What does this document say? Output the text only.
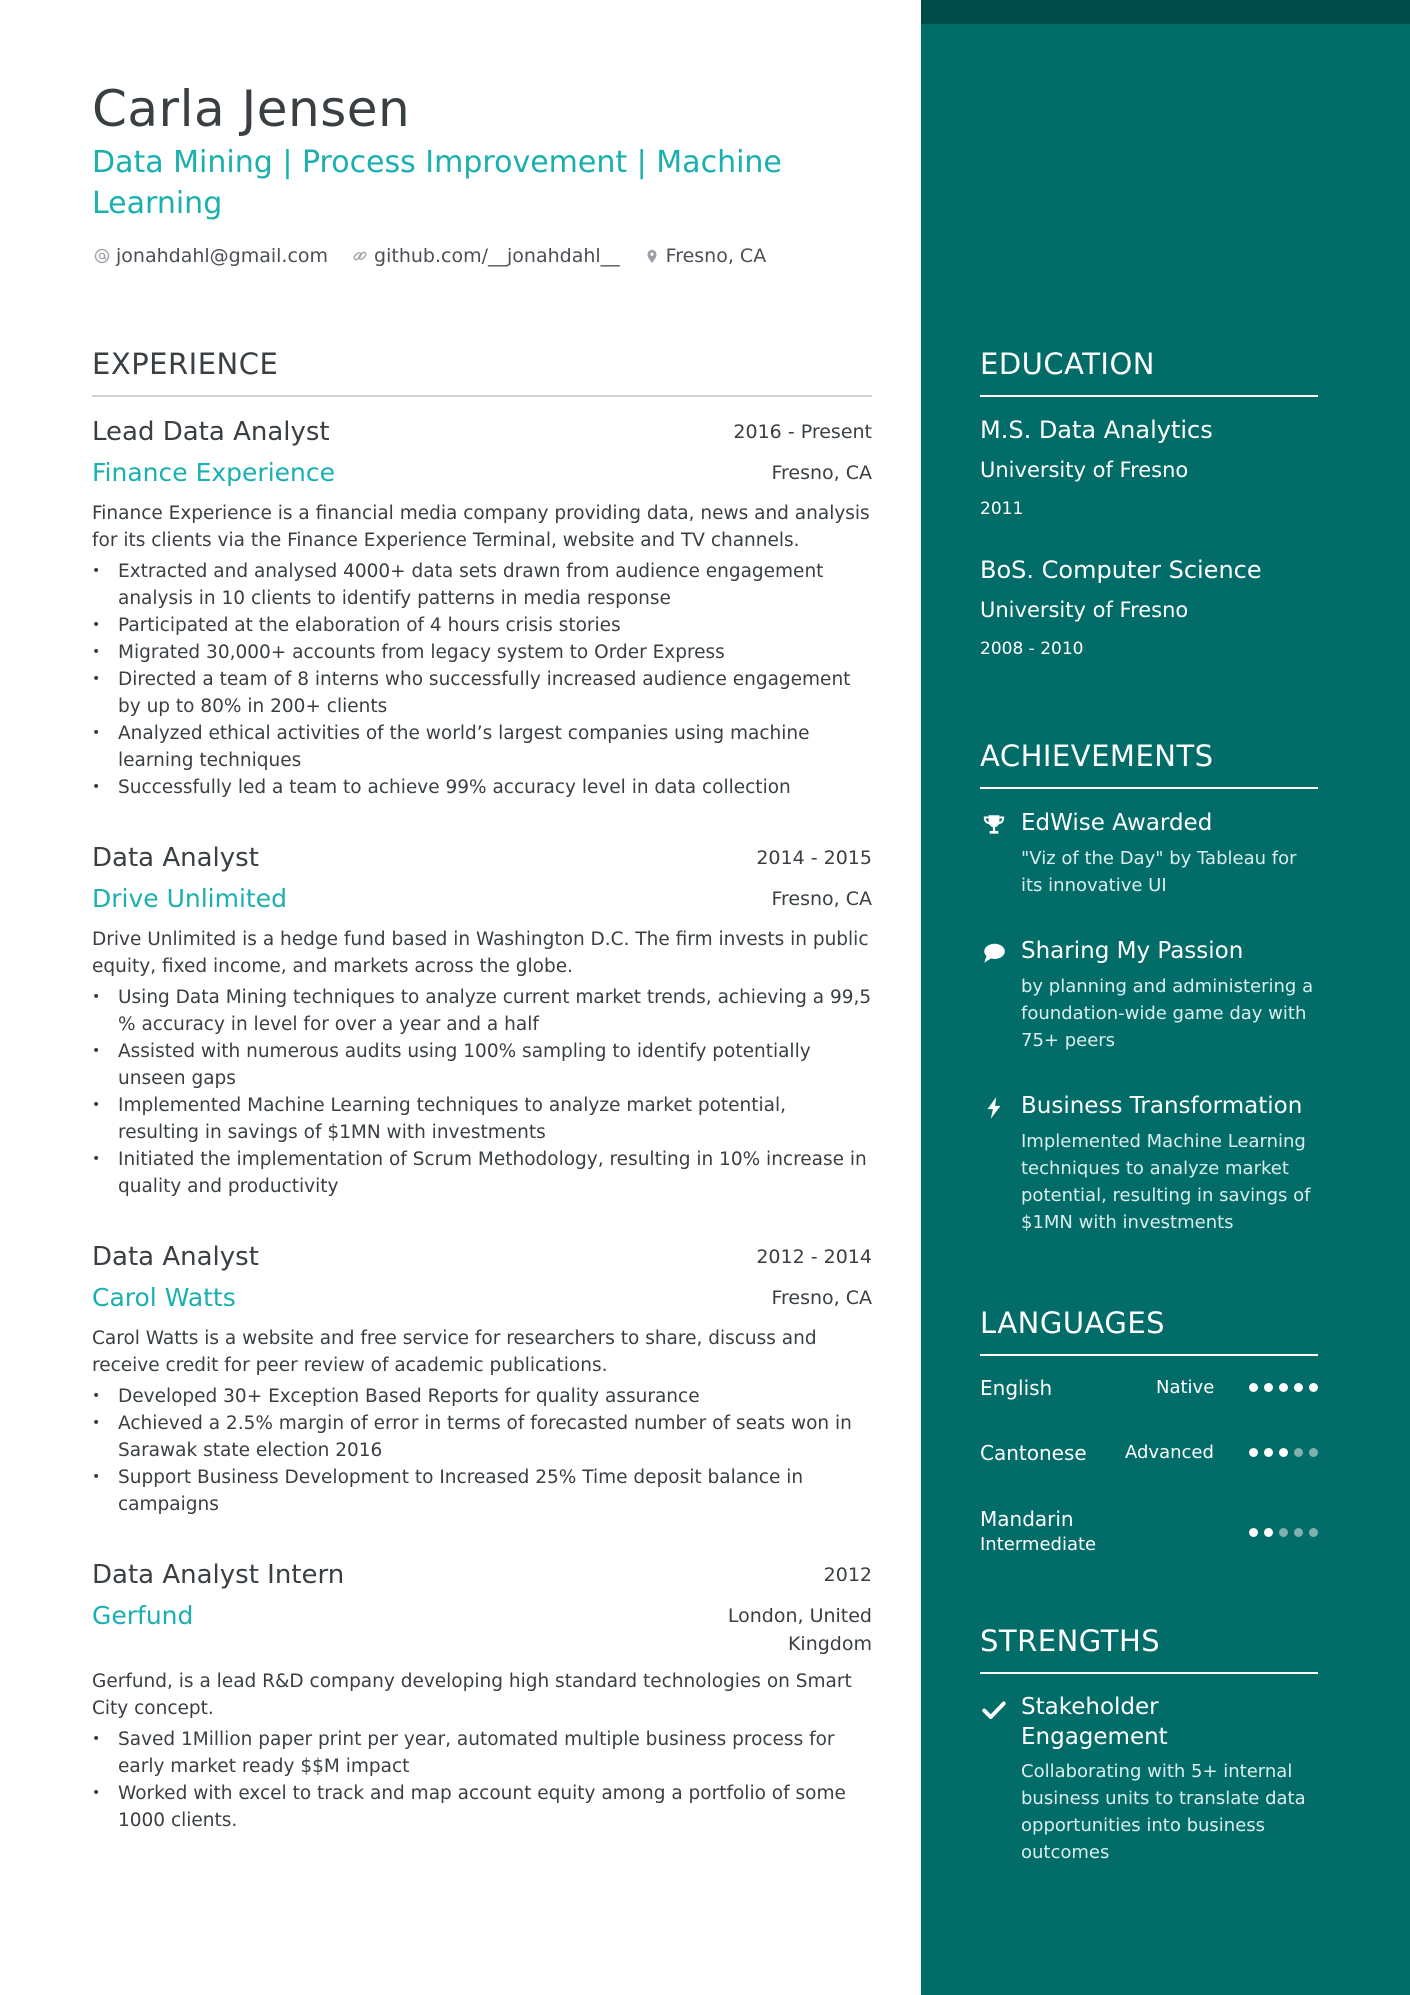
Carla Jensen
Data Mining | Process Improvement | Machine Learning
jonahdahl@gmail.com github.com/__jonahdahl__ Fresno, CA
EXPERIENCE
Lead Data Analyst	2016 - Present
Finance Experience	Fresno, CA
Finance Experience is a financial media company providing data, news and analysis for its clients via the Finance Experience Terminal, website and TV channels.
• Extracted and analysed 4000+ data sets drawn from audience engagement analysis in 10 clients to identify patterns in media response
• Participated at the elaboration of 4 hours crisis stories
• Migrated 30,000+ accounts from legacy system to Order Express
• Directed a team of 8 interns who successfully increased audience engagement by up to 80% in 200+ clients
• Analyzed ethical activities of the world’s largest companies using machine learning techniques
• Successfully led a team to achieve 99% accuracy level in data collection
Data Analyst	2014 - 2015
Drive Unlimited	Fresno, CA
Drive Unlimited is a hedge fund based in Washington D.C. The firm invests in public equity, fixed income, and markets across the globe.
• Using Data Mining techniques to analyze current market trends, achieving a 99,5 % accuracy in level for over a year and a half
• Assisted with numerous audits using 100% sampling to identify potentially unseen gaps
• Implemented Machine Learning techniques to analyze market potential, resulting in savings of $1MN with investments
• Initiated the implementation of Scrum Methodology, resulting in 10% increase in quality and productivity
Data Analyst	2012 - 2014
Carol Watts	Fresno, CA
Carol Watts is a website and free service for researchers to share, discuss and receive credit for peer review of academic publications.
• Developed 30+ Exception Based Reports for quality assurance
• Achieved a 2.5% margin of error in terms of forecasted number of seats won in Sarawak state election 2016
• Support Business Development to Increased 25% Time deposit balance in campaigns
Data Analyst Intern	2012
Gerfund	London, United Kingdom
Gerfund, is a lead R&D company developing high standard technologies on Smart City concept.
• Saved 1Million paper print per year, automated multiple business process for early market ready $$M impact
• Worked with excel to track and map account equity among a portfolio of some 1000 clients.
EDUCATION
M.S. Data Analytics
University of Fresno
2011
BoS. Computer Science
University of Fresno
2008 - 2010
ACHIEVEMENTS
EdWise Awarded
"Viz of the Day" by Tableau for its innovative UI
Sharing My Passion
by planning and administering a foundation-wide game day with 75+ peers
Business Transformation
Implemented Machine Learning techniques to analyze market potential, resulting in savings of $1MN with investments
LANGUAGES
English	Native
Cantonese Advanced
Mandarin
Intermediate
STRENGTHS
Stakeholder Engagement
Collaborating with 5+ internal business units to translate data opportunities into business outcomes
